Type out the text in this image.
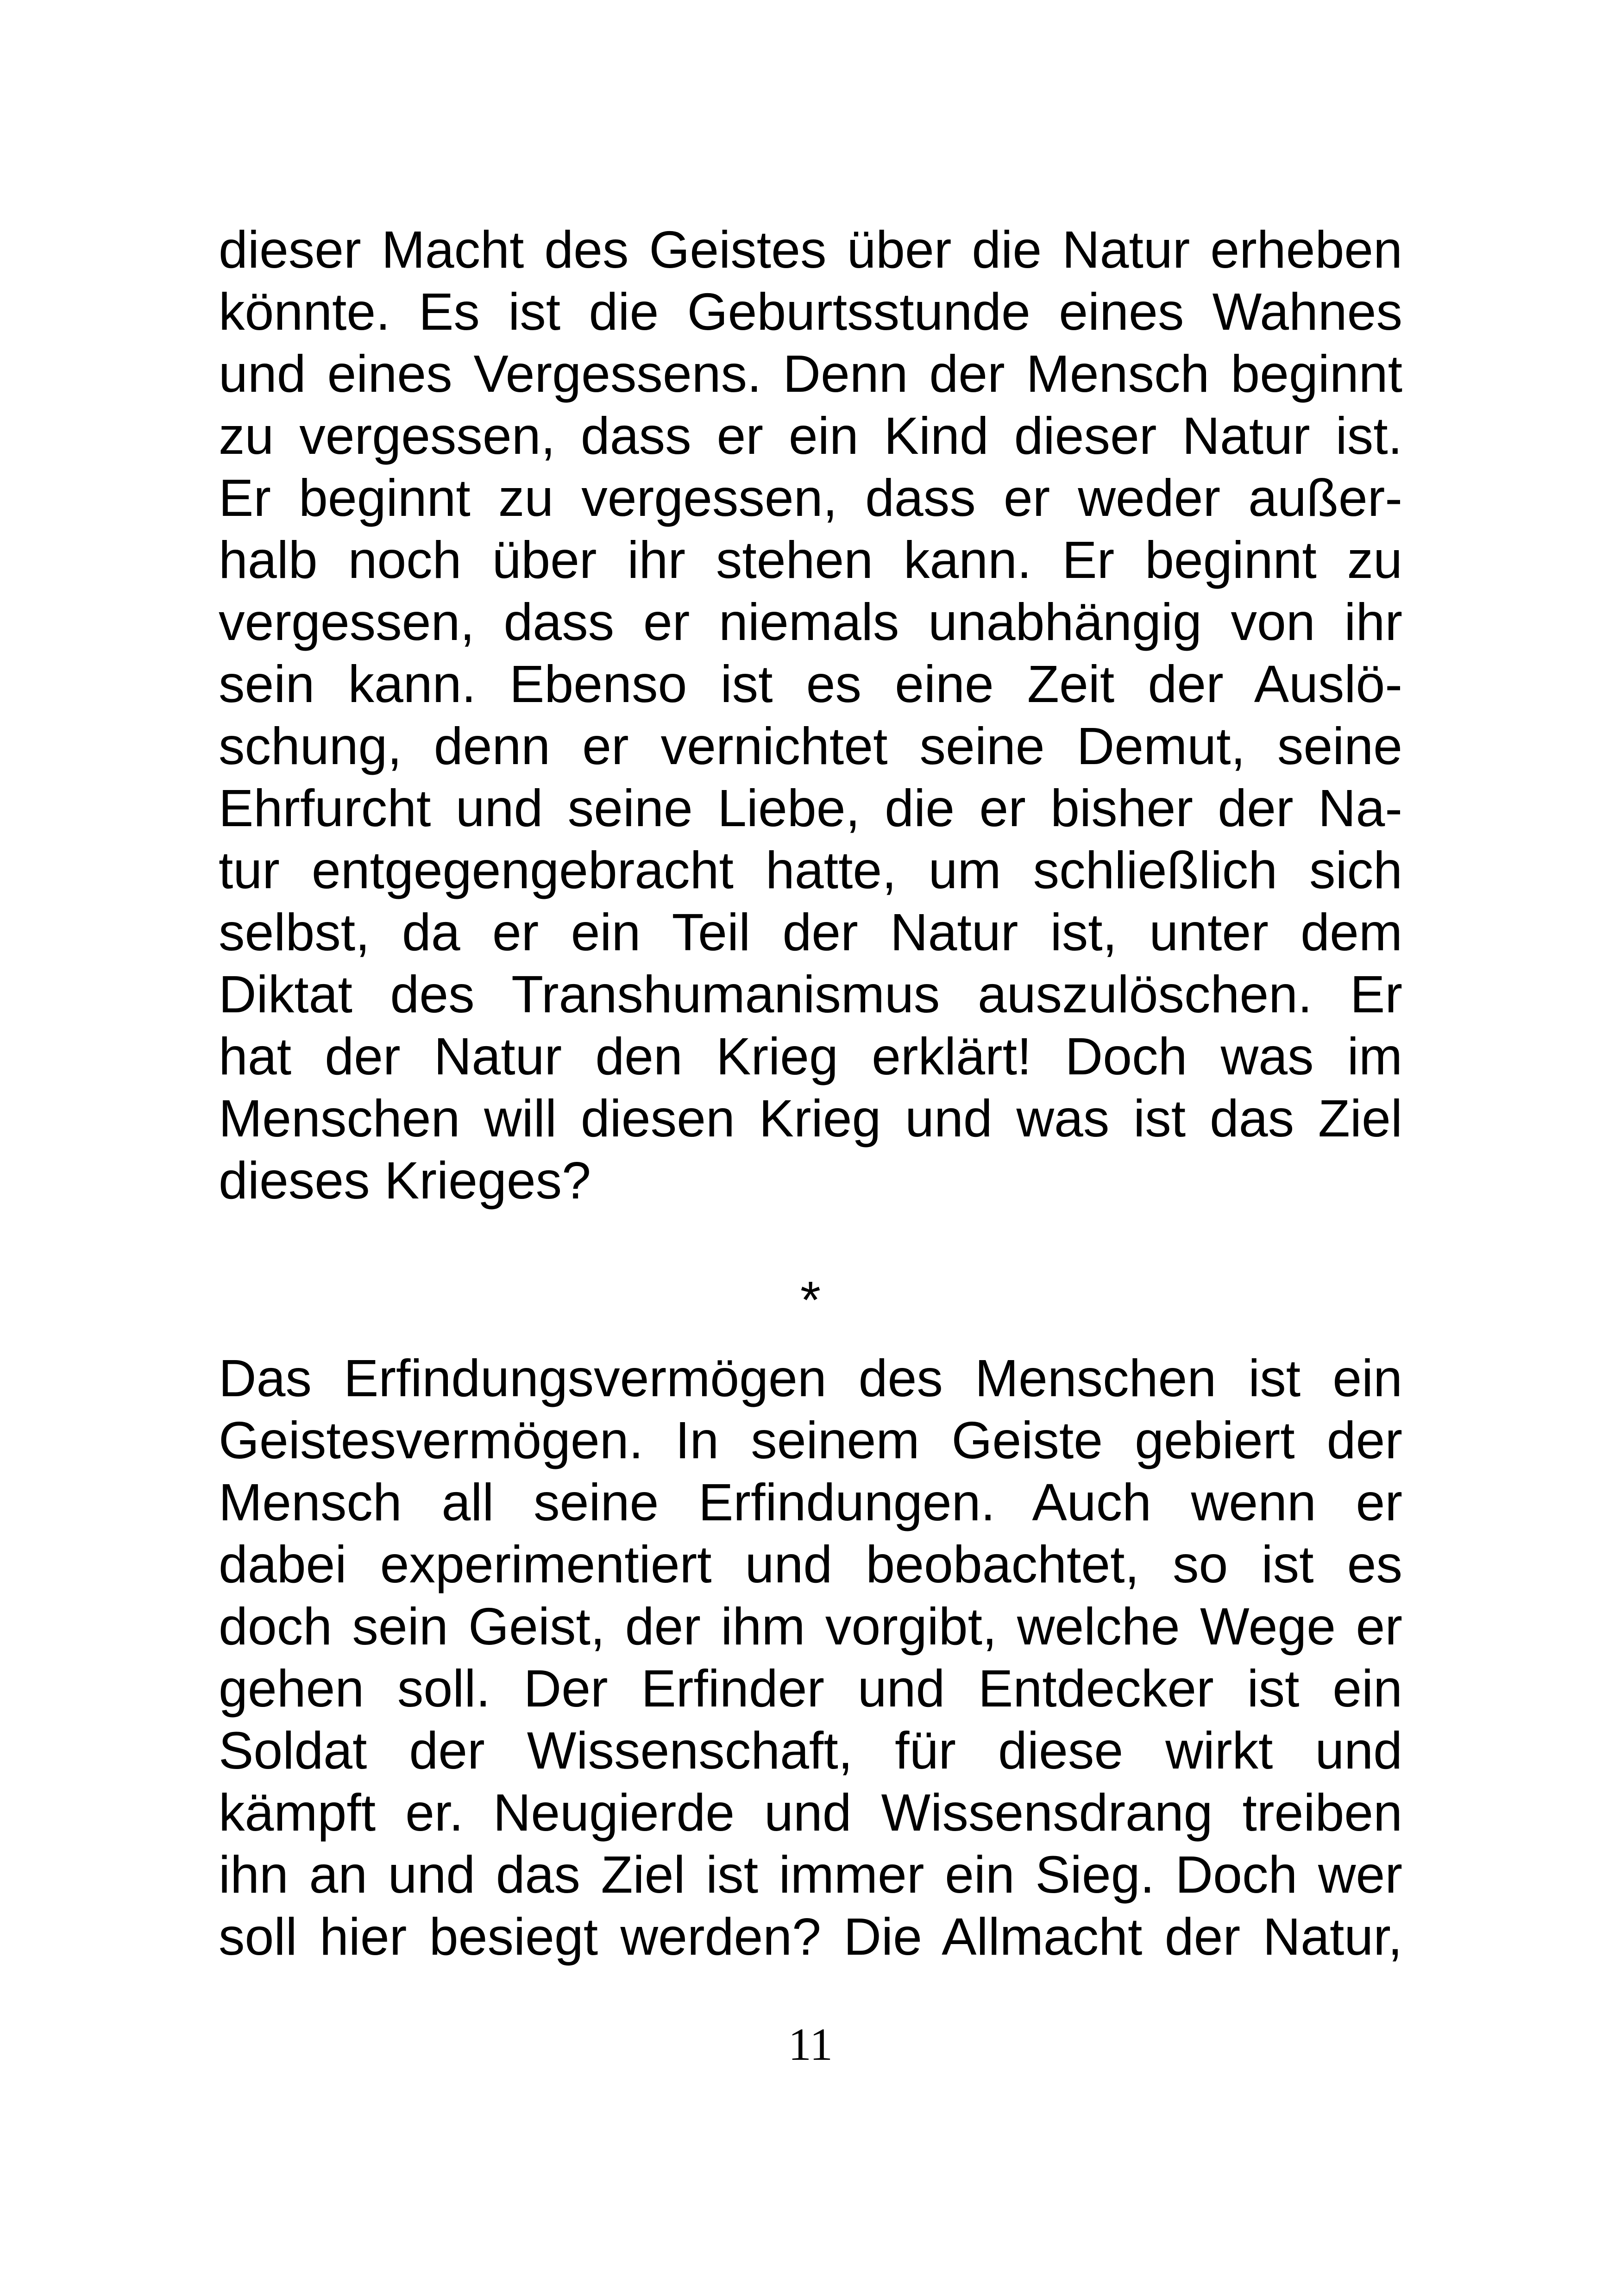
dieser Macht des Geistes über die Natur erheben
könnte. Es ist die Geburtsstunde eines Wahnes
und eines Vergessens. Denn der Mensch beginnt
zu vergessen, dass er ein Kind dieser Natur ist.
Er beginnt zu vergessen, dass er weder außer-
halb noch über ihr stehen kann. Er beginnt zu
vergessen, dass er niemals unabhängig von ihr
sein kann. Ebenso ist es eine Zeit der Auslö-
schung, denn er vernichtet seine Demut, seine
Ehrfurcht und seine Liebe, die er bisher der Na-
tur entgegengebracht hatte, um schließlich sich
selbst, da er ein Teil der Natur ist, unter dem
Diktat des Transhumanismus auszulöschen. Er
hat der Natur den Krieg erklärt! Doch was im
Menschen will diesen Krieg und was ist das Ziel
dieses Krieges?
*
Das Erfindungsvermögen des Menschen ist ein
Geistesvermögen. In seinem Geiste gebiert der
Mensch all seine Erfindungen. Auch wenn er
dabei experimentiert und beobachtet, so ist es
doch sein Geist, der ihm vorgibt, welche Wege er
gehen soll. Der Erfinder und Entdecker ist ein
Soldat der Wissenschaft, für diese wirkt und
kämpft er. Neugierde und Wissensdrang treiben
ihn an und das Ziel ist immer ein Sieg. Doch wer
soll hier besiegt werden? Die Allmacht der Natur,
11
